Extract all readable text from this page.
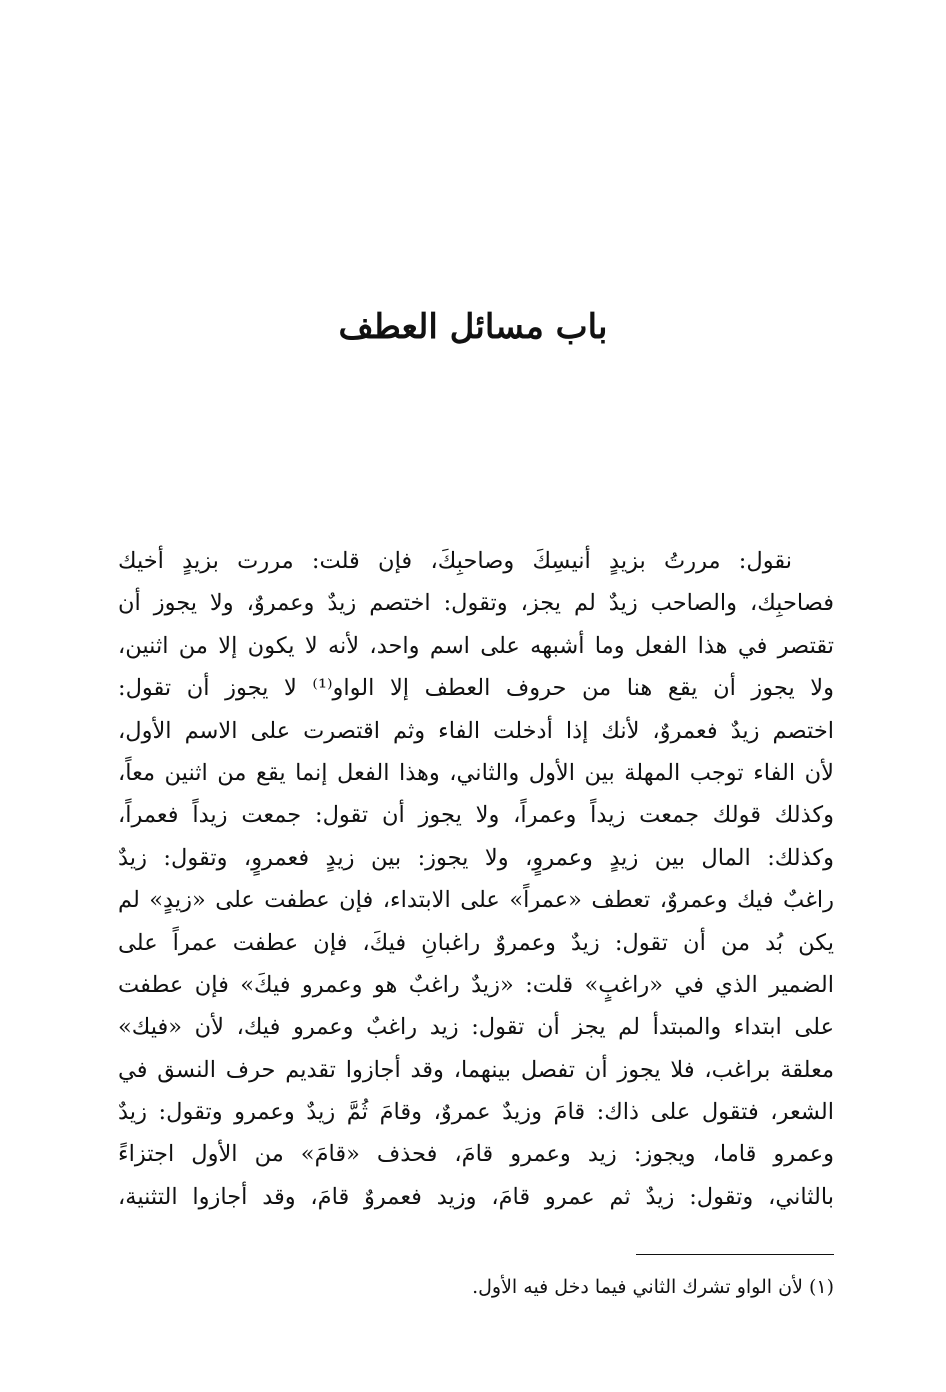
باب مسائل العطف
نقول: مررتُ بزيدٍ أنيسِكَ وصاحبِكَ، فإن قلت: مررت بزيدٍ أخيك
فصاحبِك، والصاحب زيدٌ لم يجز، وتقول: اختصم زيدٌ وعمروٌ، ولا يجوز أن
تقتصر في هذا الفعل وما أشبهه على اسم واحد، لأنه لا يكون إلا من اثنين،
ولا يجوز أن يقع هنا من حروف العطف إلا الواو⁽¹⁾ لا يجوز أن تقول:
اختصم زيدٌ فعمروٌ، لأنك إذا أدخلت الفاء وثم اقتصرت على الاسم الأول،
لأن الفاء توجب المهلة بين الأول والثاني، وهذا الفعل إنما يقع من اثنين معاً،
وكذلك قولك جمعت زيداً وعمراً، ولا يجوز أن تقول: جمعت زيداً فعمراً،
وكذلك: المال بين زيدٍ وعمروٍ، ولا يجوز: بين زيدٍ فعمروٍ، وتقول: زيدٌ
راغبٌ فيك وعمروٌ، تعطف «عمراً» على الابتداء، فإن عطفت على «زيدٍ» لم
يكن بُد من أن تقول: زيدٌ وعمروٌ راغبانِ فيكَ، فإن عطفت عمراً على
الضمير الذي في «راغبٍ» قلت: «زيدٌ راغبٌ هو وعمرو فيكَ» فإن عطفت
على ابتداء والمبتدأ لم يجز أن تقول: زيد راغبٌ وعمرو فيك، لأن «فيك»
معلقة براغب، فلا يجوز أن تفصل بينهما، وقد أجازوا تقديم حرف النسق في
الشعر، فتقول على ذاك: قامَ وزيدٌ عمروٌ، وقامَ ثُمَّ زيدٌ وعمرو وتقول: زيدٌ
وعمرو قاما، ويجوز: زيد وعمرو قامَ، فحذف «قامَ» من الأول اجتزاءً
بالثاني، وتقول: زيدٌ ثم عمرو قامَ، وزيد فعمروٌ قامَ، وقد أجازوا التثنية،
(١) لأن الواو تشرك الثاني فيما دخل فيه الأول.
